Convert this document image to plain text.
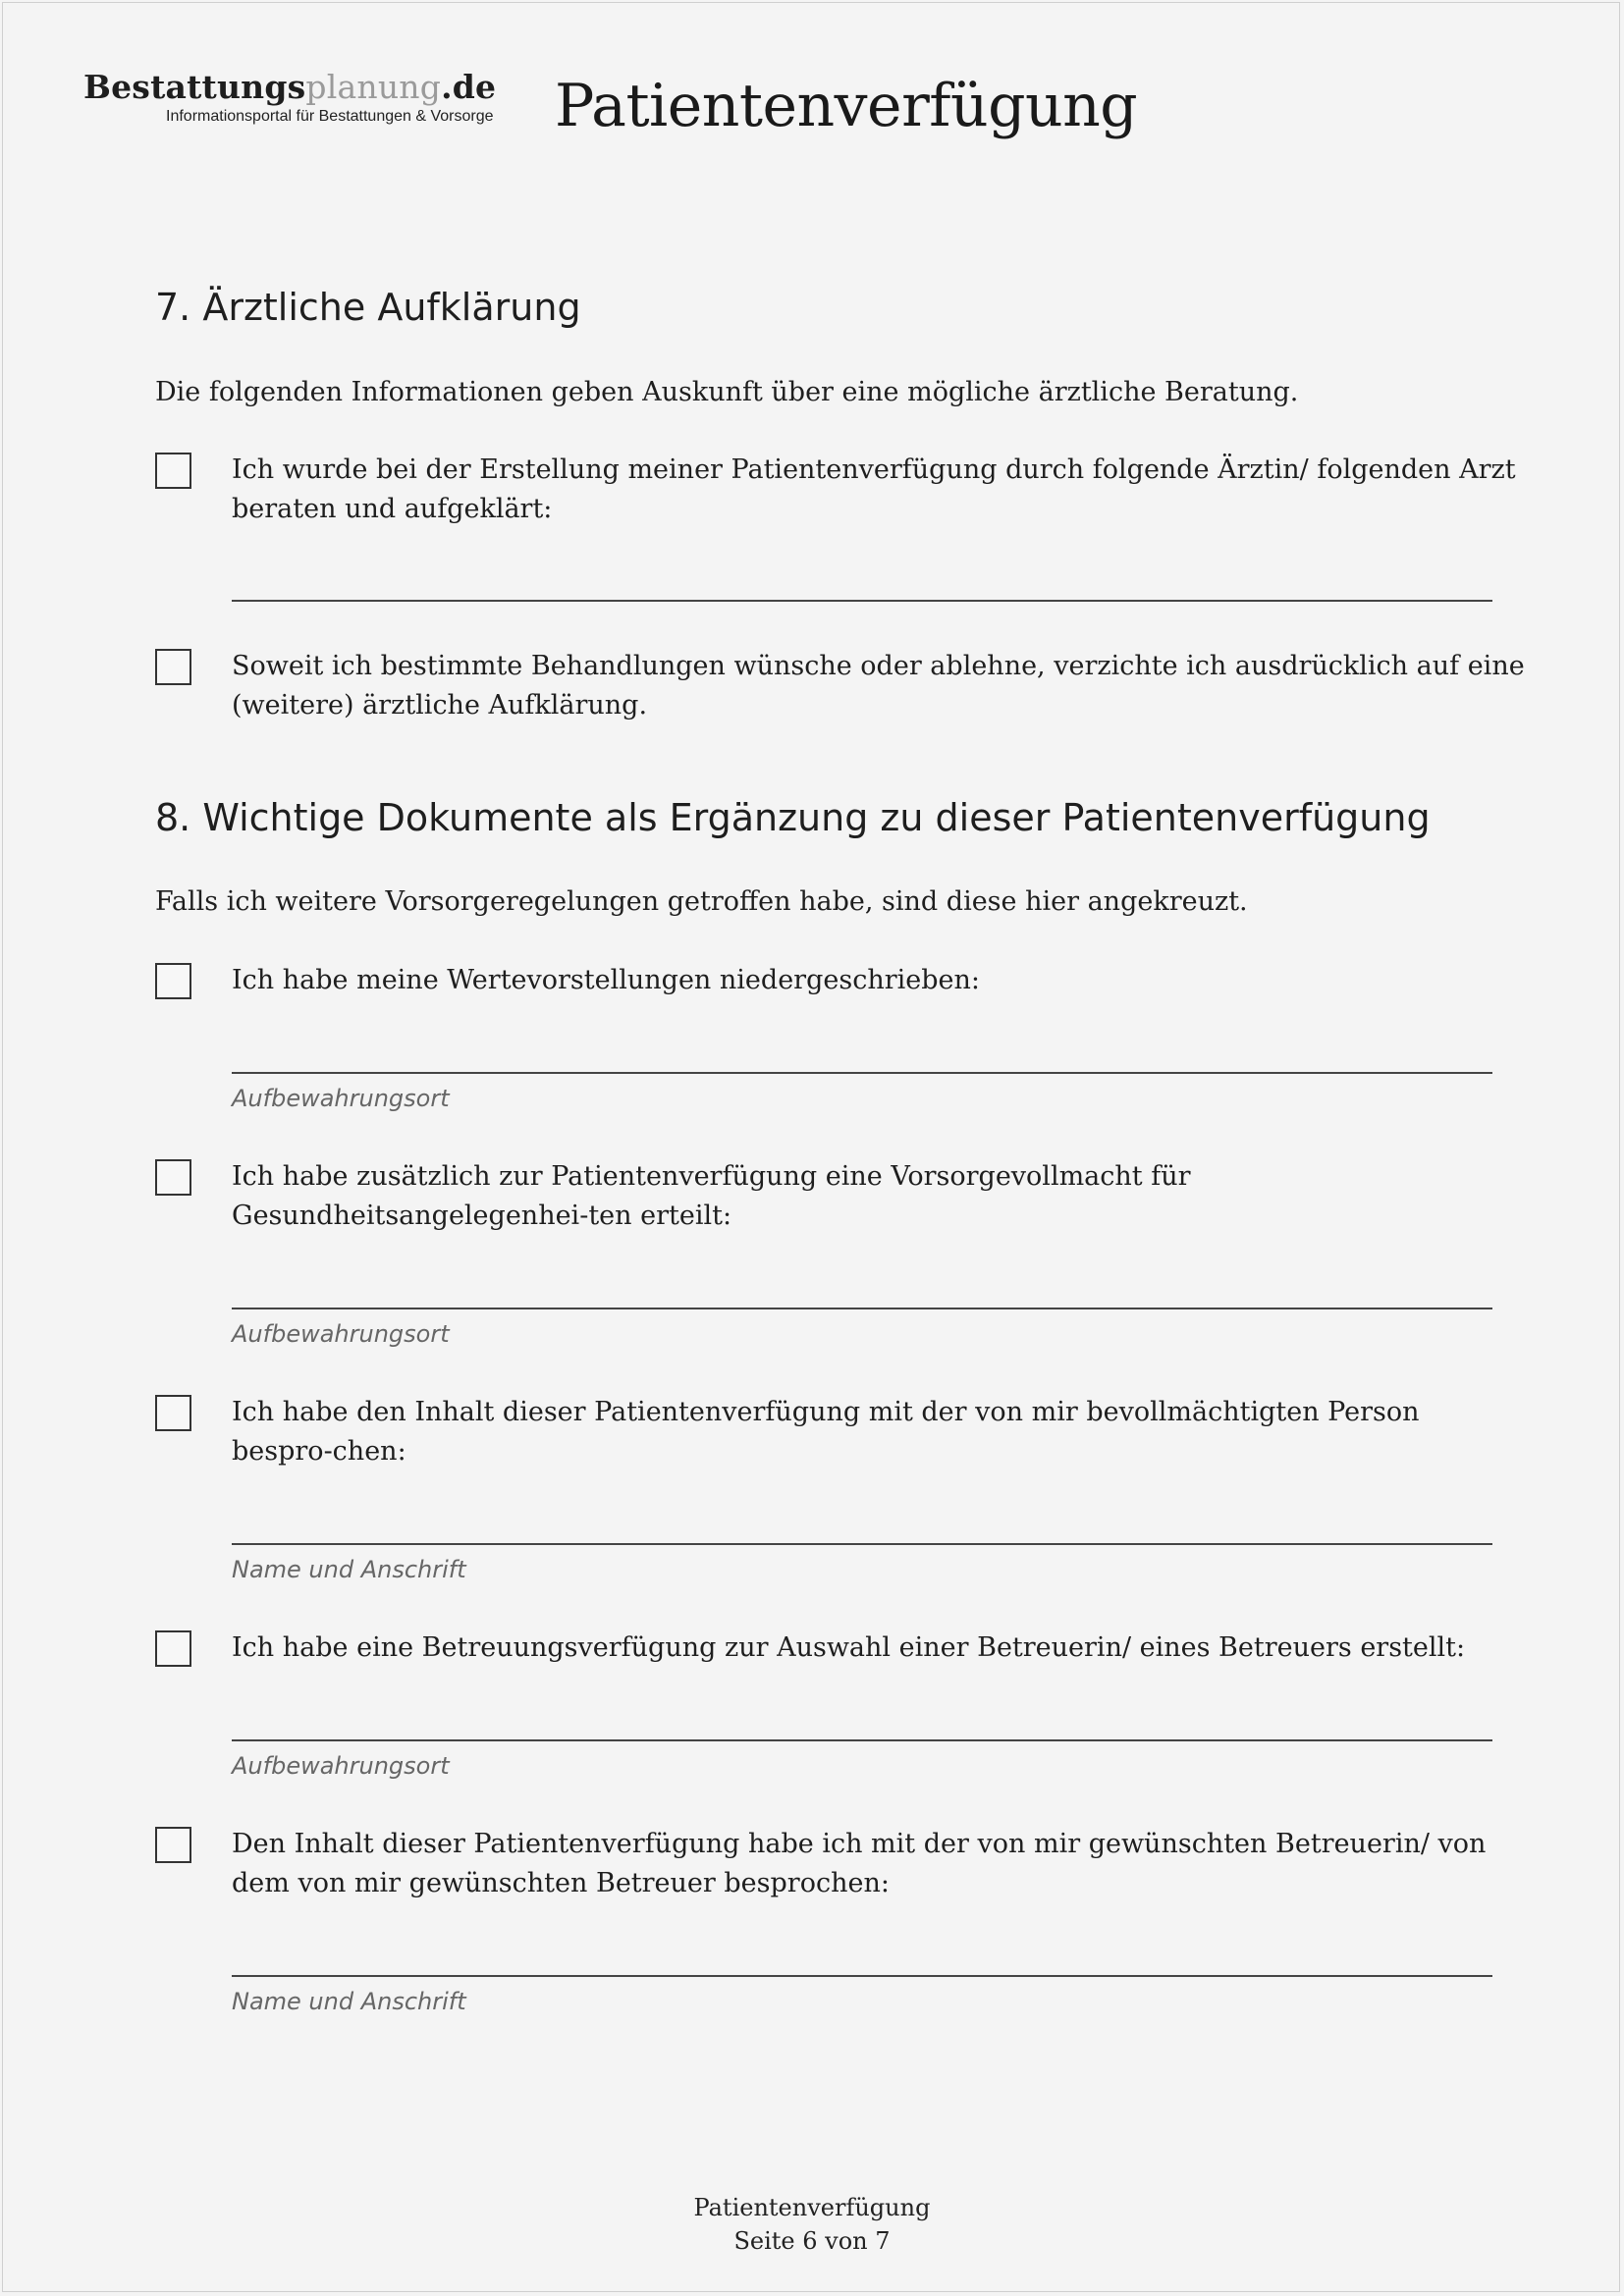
Bestattungsplanung.de
Informationsportal für Bestattungen & Vorsorge Patientenverfügung
7. Ärztliche Aufklärung

Die folgenden Informationen geben Auskunft über eine mögliche ärztliche Beratung.

Ich wurde bei der Erstellung meiner Patientenverfügung durch folgende Ärztin/ folgenden Arzt beraten und aufgeklärt:

Soweit ich bestimmte Behandlungen wünsche oder ablehne, verzichte ich ausdrücklich auf eine (weitere) ärztliche Aufklärung.

8. Wichtige Dokumente als Ergänzung zu dieser Patientenverfügung

Falls ich weitere Vorsorgeregelungen getroffen habe, sind diese hier angekreuzt.

Ich habe meine Wertevorstellungen niedergeschrieben:

Aufbewahrungsort

Ich habe zusätzlich zur Patientenverfügung eine Vorsorgevollmacht für Gesundheitsangelegenhei-ten erteilt:

Aufbewahrungsort

Ich habe den Inhalt dieser Patientenverfügung mit der von mir bevollmächtigten Person bespro-chen:

Name und Anschrift

Ich habe eine Betreuungsverfügung zur Auswahl einer Betreuerin/ eines Betreuers erstellt:

Aufbewahrungsort

Den Inhalt dieser Patientenverfügung habe ich mit der von mir gewünschten Betreuerin/ von dem von mir gewünschten Betreuer besprochen:

Name und Anschrift
Patientenverfügung
Seite 6 von 7
